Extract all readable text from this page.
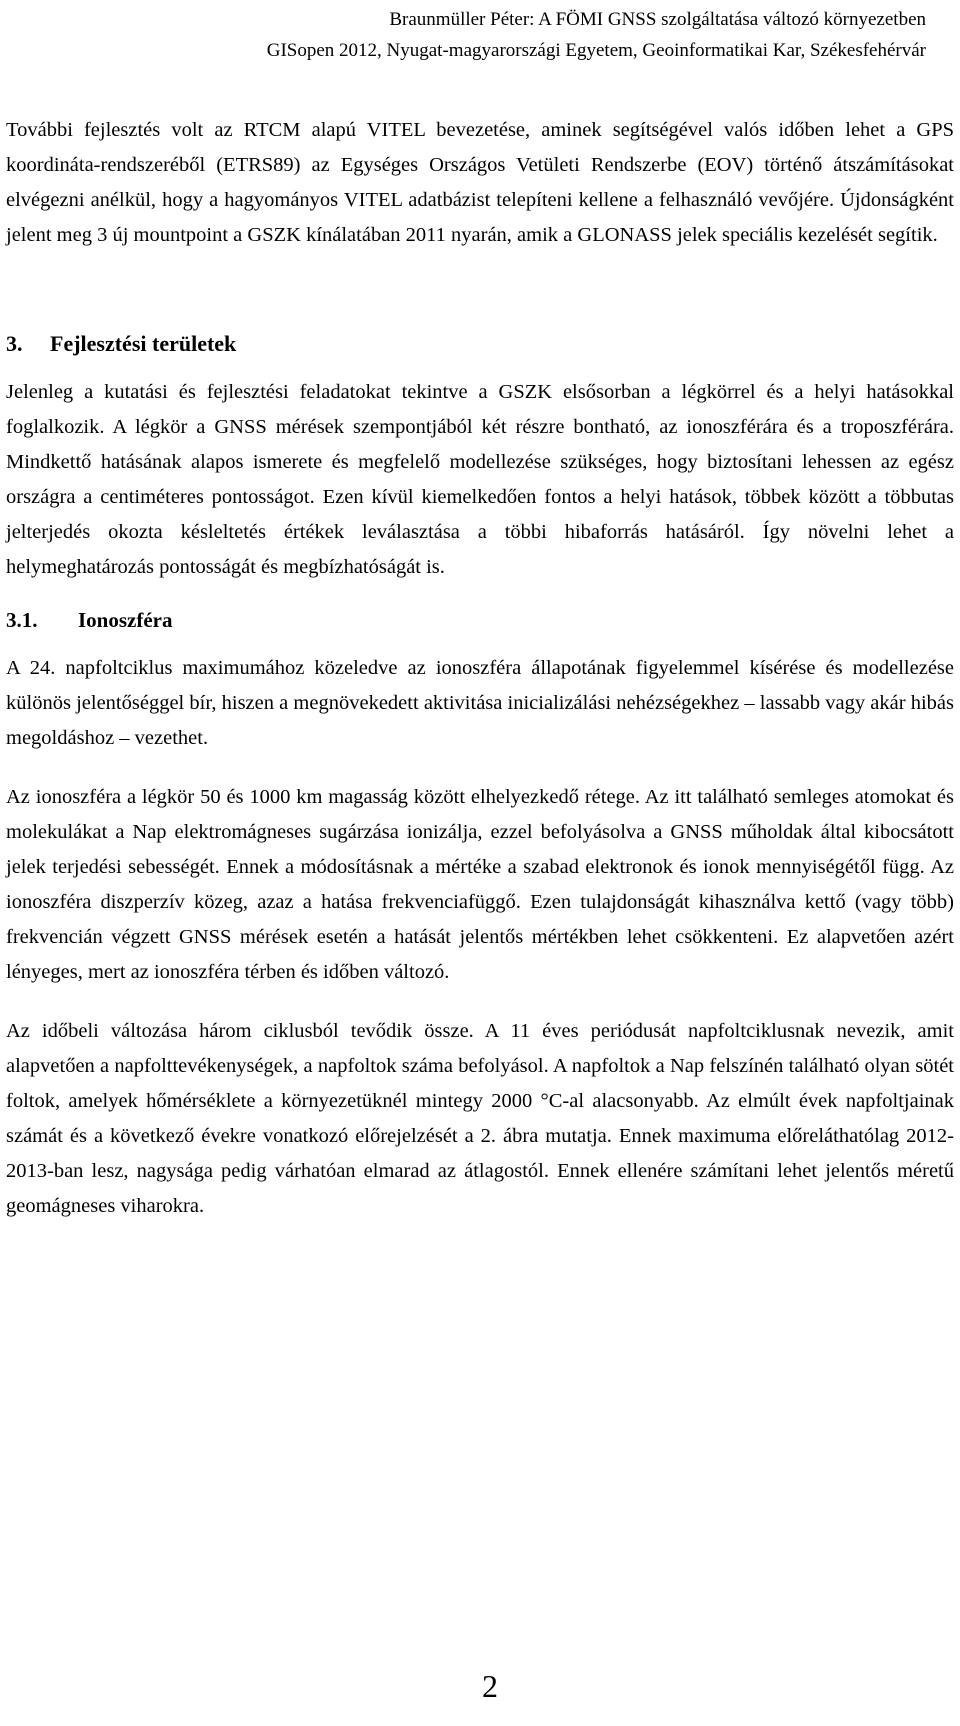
Braunmüller Péter: A FÖMI GNSS szolgáltatása változó környezetben
GISopen 2012, Nyugat-magyarországi Egyetem, Geoinformatikai Kar, Székesfehérvár

További fejlesztés volt az RTCM alapú VITEL bevezetése, aminek segítségével valós időben lehet a GPS koordináta-rendszeréből (ETRS89) az Egységes Országos Vetületi Rendszerbe (EOV) történő átszámításokat elvégezni anélkül, hogy a hagyományos VITEL adatbázist telepíteni kellene a felhasználó vevőjére. Újdonságként jelent meg 3 új mountpoint a GSZK kínálatában 2011 nyarán, amik a GLONASS jelek speciális kezelését segítik.

3. Fejlesztési területek

Jelenleg a kutatási és fejlesztési feladatokat tekintve a GSZK elsősorban a légkörrel és a helyi hatásokkal foglalkozik. A légkör a GNSS mérések szempontjából két részre bontható, az ionoszférára és a troposzférára. Mindkettő hatásának alapos ismerete és megfelelő modellezése szükséges, hogy biztosítani lehessen az egész országra a centiméteres pontosságot. Ezen kívül kiemelkedően fontos a helyi hatások, többek között a többutas jelterjedés okozta késleltetés értékek leválasztása a többi hibaforrás hatásáról. Így növelni lehet a helymeghatározás pontosságát és megbízhatóságát is.

3.1. Ionoszféra

A 24. napfoltciklus maximumához közeledve az ionoszféra állapotának figyelemmel kísérése és modellezése különös jelentőséggel bír, hiszen a megnövekedett aktivitása inicializálási nehézségekhez – lassabb vagy akár hibás megoldáshoz – vezethet.

Az ionoszféra a légkör 50 és 1000 km magasság között elhelyezkedő rétege. Az itt található semleges atomokat és molekulákat a Nap elektromágneses sugárzása ionizálja, ezzel befolyásolva a GNSS műholdak által kibocsátott jelek terjedési sebességét. Ennek a módosításnak a mértéke a szabad elektronok és ionok mennyiségétől függ. Az ionoszféra diszperzív közeg, azaz a hatása frekvenciafüggő. Ezen tulajdonságát kihasználva kettő (vagy több) frekvencián végzett GNSS mérések esetén a hatását jelentős mértékben lehet csökkenteni. Ez alapvetően azért lényeges, mert az ionoszféra térben és időben változó.

Az időbeli változása három ciklusból tevődik össze. A 11 éves periódusát napfoltciklusnak nevezik, amit alapvetően a napfolttevékenységek, a napfoltok száma befolyásol. A napfoltok a Nap felszínén található olyan sötét foltok, amelyek hőmérséklete a környezetüknél mintegy 2000 °C-al alacsonyabb. Az elmúlt évek napfoltjainak számát és a következő évekre vonatkozó előrejelzését a 2. ábra mutatja. Ennek maximuma előreláthatólag 2012-2013-ban lesz, nagysága pedig várhatóan elmarad az átlagostól. Ennek ellenére számítani lehet jelentős méretű geomágneses viharokra.

2
